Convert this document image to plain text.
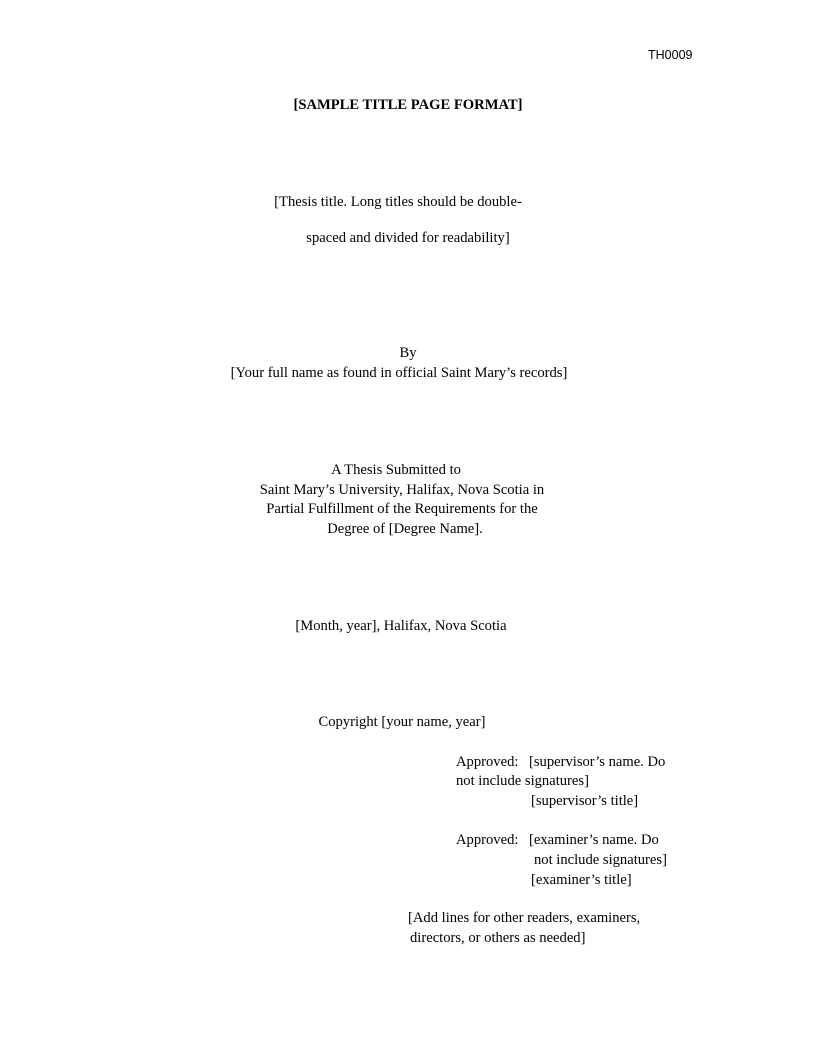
TH0009
[SAMPLE TITLE PAGE FORMAT]
[Thesis title. Long titles should be double-
spaced and divided for readability]
By
[Your full name as found in official Saint Mary’s records]
A Thesis Submitted to
Saint Mary’s University, Halifax, Nova Scotia in
Partial Fulfillment of the Requirements for the
Degree of [Degree Name].
[Month, year], Halifax, Nova Scotia
Copyright [your name, year]
Approved: [supervisor’s name. Do
not include signatures]
[supervisor’s title]
Approved: [examiner’s name. Do
not include signatures]
[examiner’s title]
[Add lines for other readers, examiners,
directors, or others as needed]
